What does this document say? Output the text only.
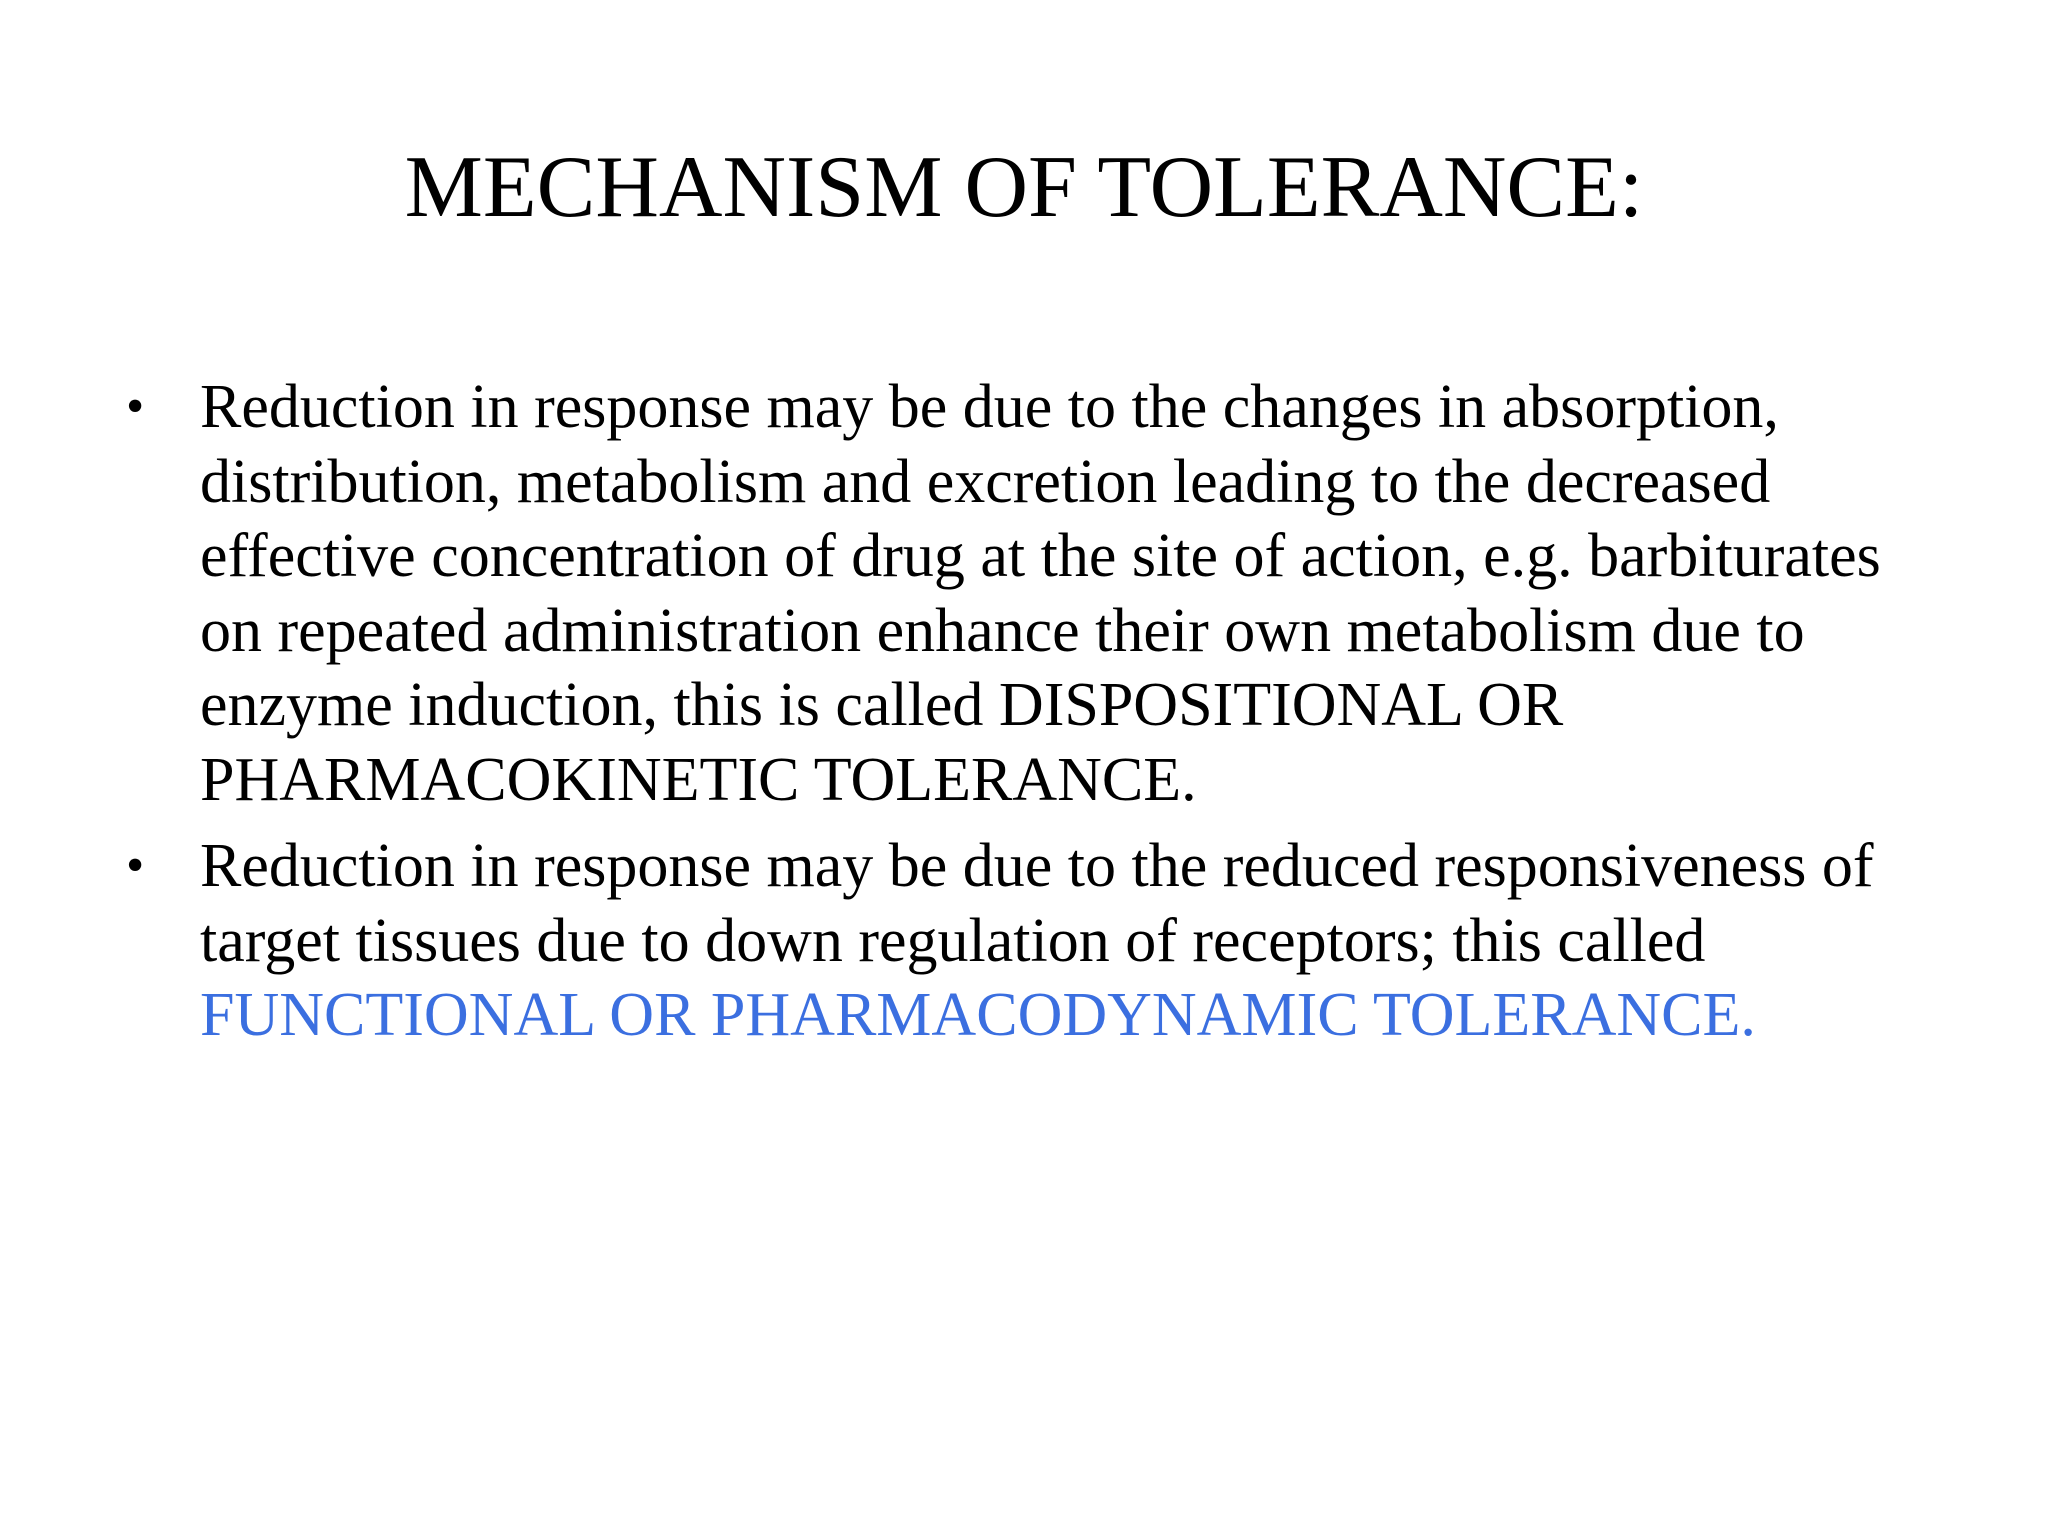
MECHANISM OF TOLERANCE:
• Reduction in response may be due to the changes in absorption, distribution, metabolism and excretion leading to the decreased effective concentration of drug at the site of action, e.g. barbiturates on repeated administration enhance their own metabolism due to enzyme induction, this is called DISPOSITIONAL OR PHARMACOKINETIC TOLERANCE.
• Reduction in response may be due to the reduced responsiveness of target tissues due to down regulation of receptors; this called FUNCTIONAL OR PHARMACODYNAMIC TOLERANCE.
